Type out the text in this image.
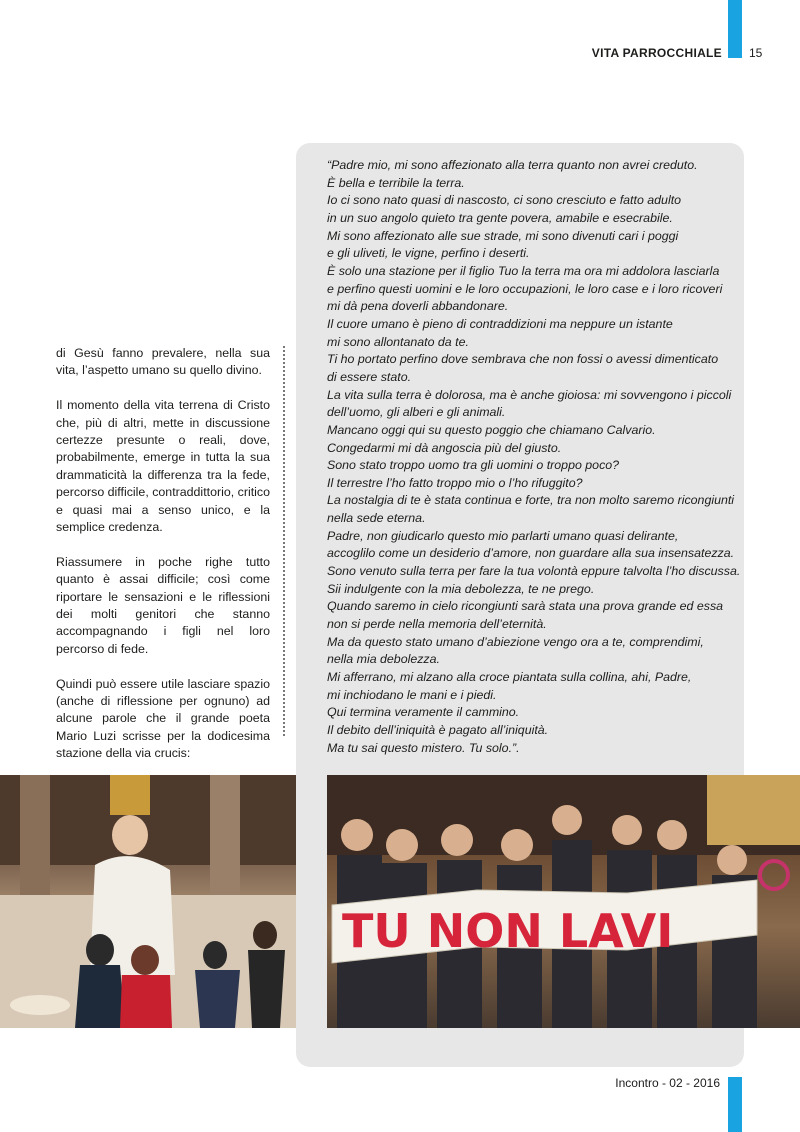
VITA PARROCCHIALE 15

di Gesù fanno prevalere, nella sua vita, l’aspetto umano su quello divino.

Il momento della vita terrena di Cristo che, più di altri, mette in discussione certezze presunte o reali, dove, probabilmente, emerge in tutta la sua drammaticità la differenza tra la fede, percorso difficile, contraddittorio, critico e quasi mai a senso unico, e la semplice credenza.

Riassumere in poche righe tutto quanto è assai difficile; così come riportare le sensazioni e le riflessioni dei molti genitori che stanno accompagnando i figli nel loro percorso di fede.

Quindi può essere utile lasciare spazio (anche di riflessione per ognuno) ad alcune parole che il grande poeta Mario Luzi scrisse per la dodicesima stazione della via crucis:

“Padre mio, mi sono affezionato alla terra quanto non avrei creduto.
È bella e terribile la terra.
Io ci sono nato quasi di nascosto, ci sono cresciuto e fatto adulto
in un suo angolo quieto tra gente povera, amabile e esecrabile.
Mi sono affezionato alle sue strade, mi sono divenuti cari i poggi
e gli uliveti, le vigne, perfino i deserti.
È solo una stazione per il figlio Tuo la terra ma ora mi addolora lasciarla
e perfino questi uomini e le loro occupazioni, le loro case e i loro ricoveri
mi dà pena doverli abbandonare.
Il cuore umano è pieno di contraddizioni ma neppure un istante
mi sono allontanato da te.
Ti ho portato perfino dove sembrava che non fossi o avessi dimenticato
di essere stato.
La vita sulla terra è dolorosa, ma è anche gioiosa: mi sovvengono i piccoli
dell’uomo, gli alberi e gli animali.
Mancano oggi qui su questo poggio che chiamano Calvario.
Congedarmi mi dà angoscia più del giusto.
Sono stato troppo uomo tra gli uomini o troppo poco?
Il terrestre l’ho fatto troppo mio o l’ho rifuggito?
La nostalgia di te è stata continua e forte, tra non molto saremo ricongiunti
nella sede eterna.
Padre, non giudicarlo questo mio parlarti umano quasi delirante,
accoglilo come un desiderio d’amore, non guardare alla sua insensatezza.
Sono venuto sulla terra per fare la tua volontà eppure talvolta l’ho discussa.
Sii indulgente con la mia debolezza, te ne prego.
Quando saremo in cielo ricongiunti sarà stata una prova grande ed essa
non si perde nella memoria dell’eternità.
Ma da questo stato umano d’abiezione vengo ora a te, comprendimi,
nella mia debolezza.
Mi afferrano, mi alzano alla croce piantata sulla collina, ahi, Padre,
mi inchiodano le mani e i piedi.
Qui termina veramente il cammino.
Il debito dell’iniquità è pagato all’iniquità.
Ma tu sai questo mistero. Tu solo.”.
TU NON LAVI
Incontro - 02 - 2016
